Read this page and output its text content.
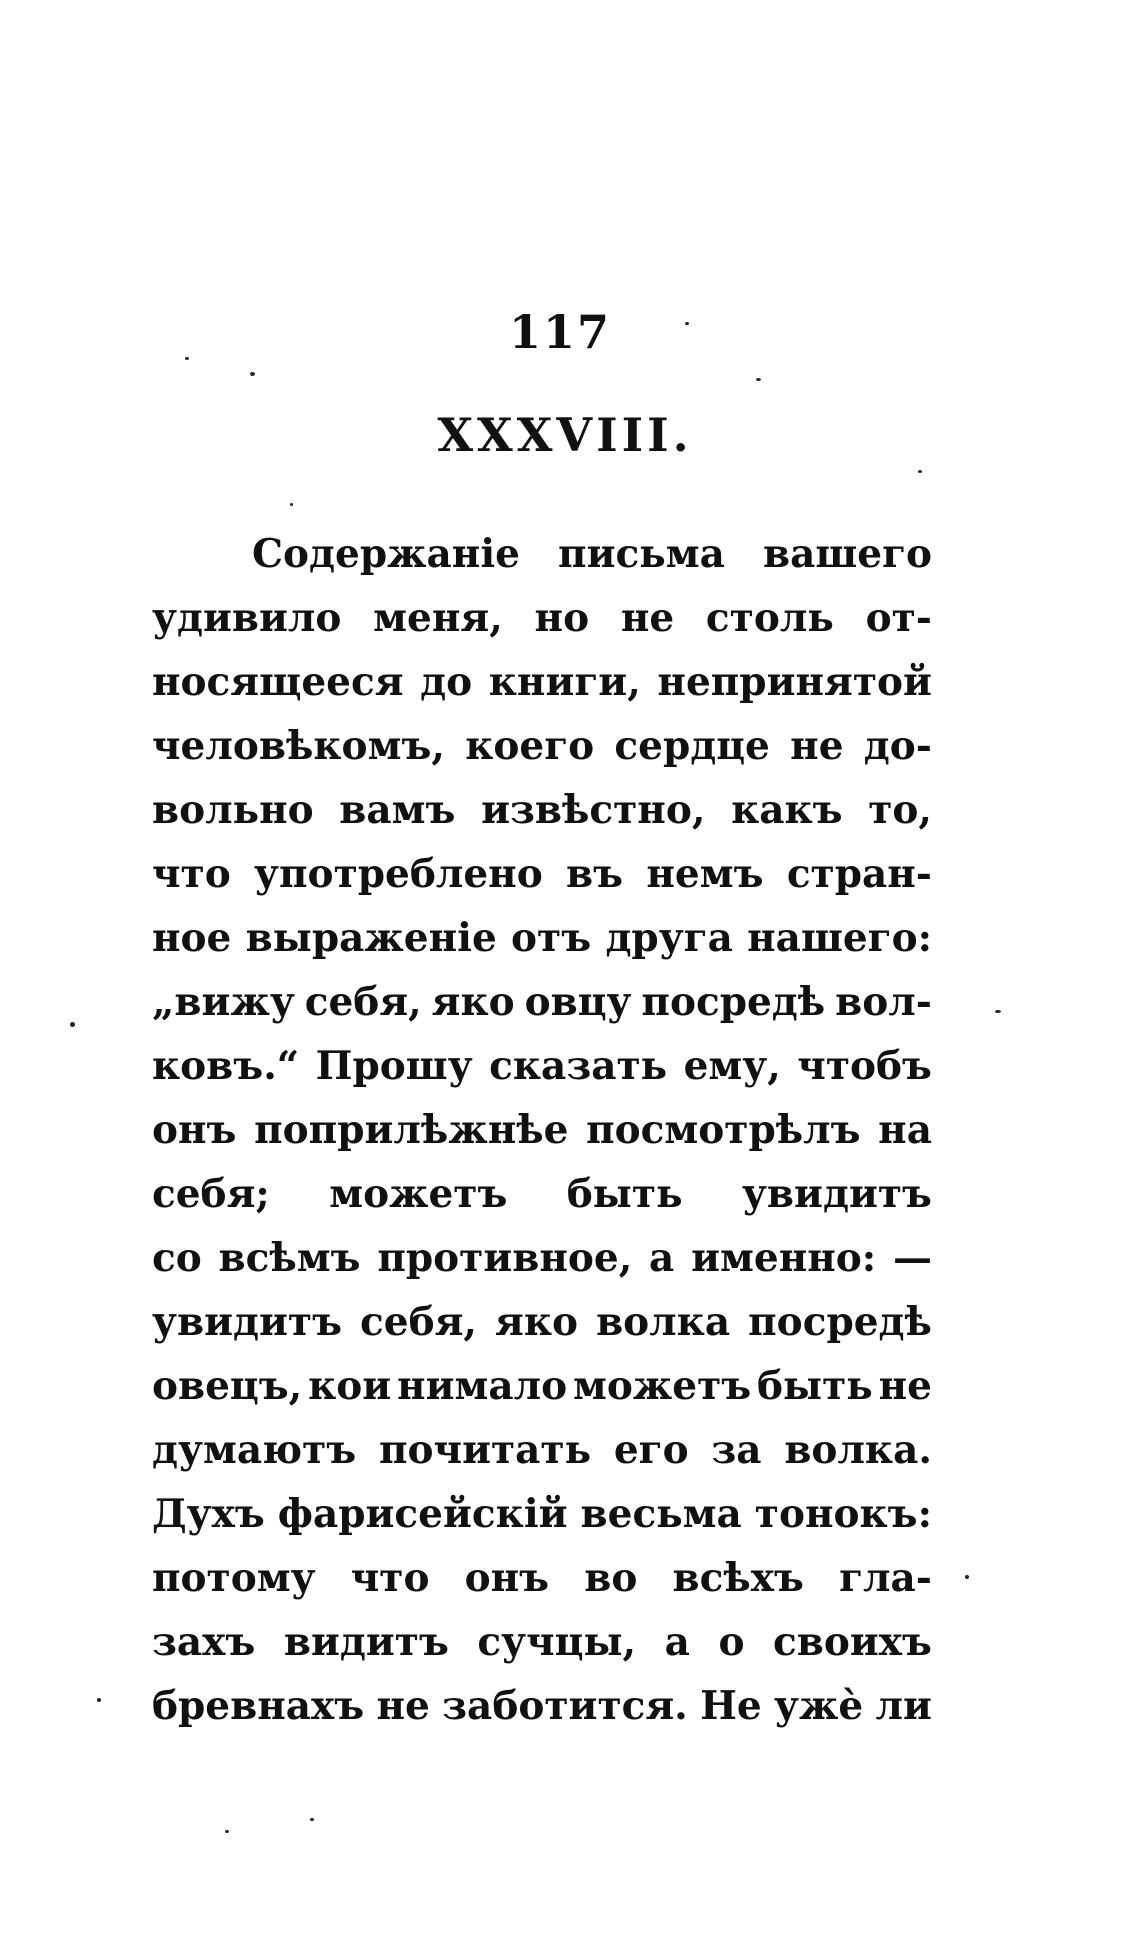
117
XXXVIII.
Содержаніе письма вашего
удивило меня, но не столь от-
носящееся до книги, непринятой
человѣкомъ, коего сердце не до-
вольно вамъ извѣстно, какъ то,
что употреблено въ немъ стран-
ное выраженіе отъ друга нашего:
„вижу себя, яко овцу посредѣ вол-
ковъ.“ Прошу сказать ему, чтобъ
онъ поприлѣжнѣе посмотрѣлъ на
себя; можетъ быть увидитъ
со всѣмъ противное, а именно: —
увидитъ себя, яко волка посредѣ
овецъ, кои нимало можетъ быть не
думаютъ почитать его за волка.
Духъ фарисейскій весьма тонокъ:
потому что онъ во всѣхъ гла-
захъ видитъ сучцы, а о своихъ
бревнахъ не заботится. Не ужѐ ли
